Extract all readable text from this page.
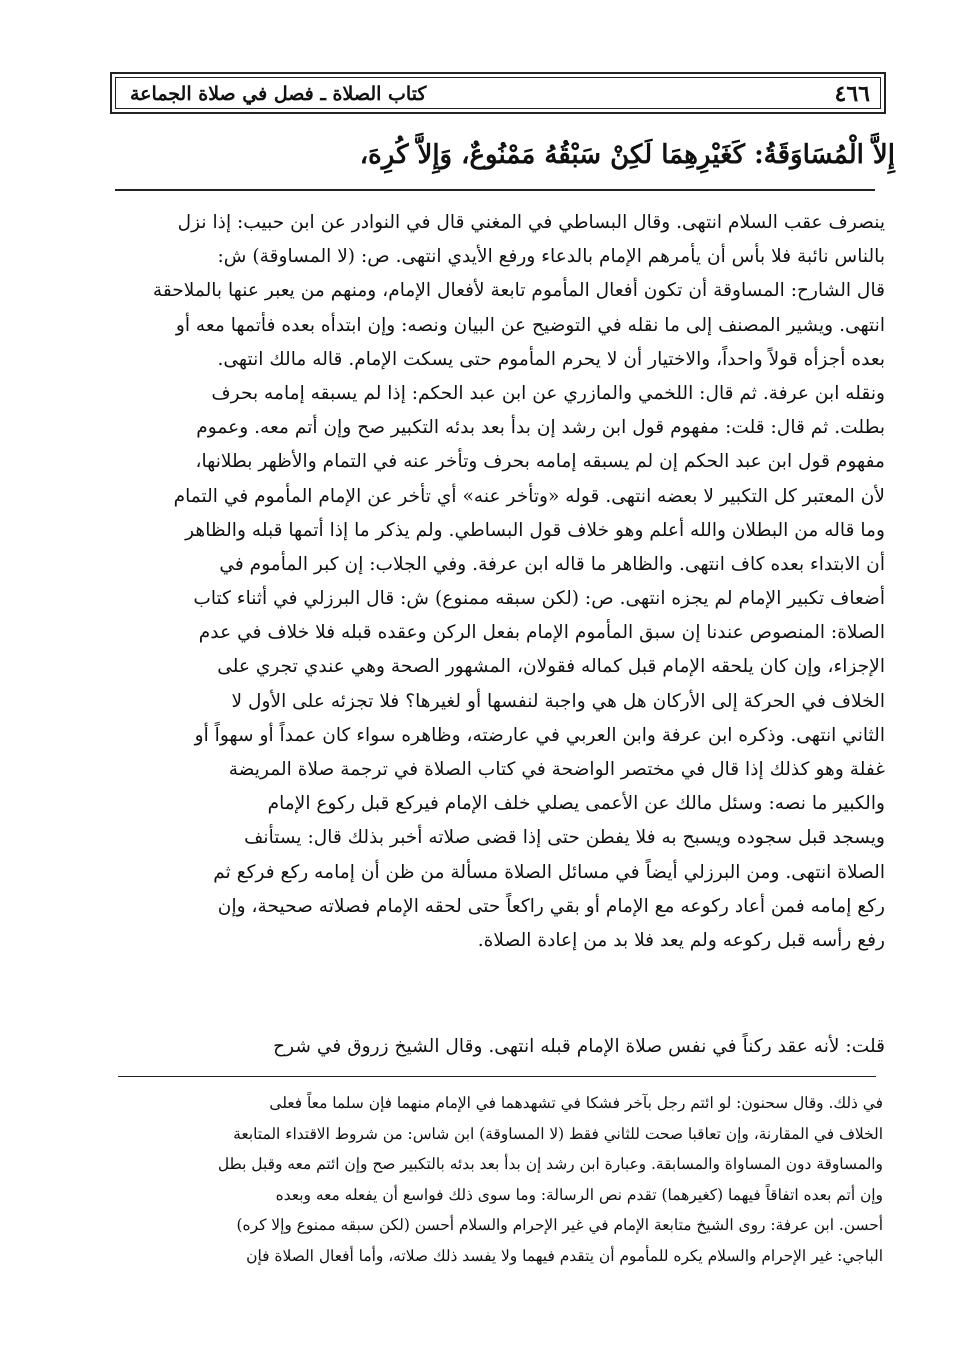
٤٦٦
كتاب الصلاة ـ فصل في صلاة الجماعة
إِلاَّ الْمُسَاوَقَةُ: كَغَيْرِهِمَا لَكِنْ سَبْقُهُ مَمْنُوعٌ، وَإِلاَّ كُرِهَ،
ينصرف عقب السلام انتهى. وقال البساطي في المغني قال في النوادر عن ابن حبيب: إذا نزل
بالناس نائبة فلا بأس أن يأمرهم الإمام بالدعاء ورفع الأيدي انتهى. ص: (لا المساوقة) ش:
قال الشارح: المساوقة أن تكون أفعال المأموم تابعة لأفعال الإمام، ومنهم من يعبر عنها بالملاحقة
انتهى. ويشير المصنف إلى ما نقله في التوضيح عن البيان ونصه: وإن ابتدأه بعده فأتمها معه أو
بعده أجزأه قولاً واحداً، والاختيار أن لا يحرم المأموم حتى يسكت الإمام. قاله مالك انتهى.
ونقله ابن عرفة. ثم قال: اللخمي والمازري عن ابن عبد الحكم: إذا لم يسبقه إمامه بحرف
بطلت. ثم قال: قلت: مفهوم قول ابن رشد إن بدأ بعد بدئه التكبير صح وإن أتم معه. وعموم
مفهوم قول ابن عبد الحكم إن لم يسبقه إمامه بحرف وتأخر عنه في التمام والأظهر بطلانها،
لأن المعتبر كل التكبير لا بعضه انتهى. قوله «وتأخر عنه» أي تأخر عن الإمام المأموم في التمام
وما قاله من البطلان والله أعلم وهو خلاف قول البساطي. ولم يذكر ما إذا أتمها قبله والظاهر
أن الابتداء بعده كاف انتهى. والظاهر ما قاله ابن عرفة. وفي الجلاب: إن كبر المأموم في
أضعاف تكبير الإمام لم يجزه انتهى. ص: (لكن سبقه ممنوع) ش: قال البرزلي في أثناء كتاب
الصلاة: المنصوص عندنا إن سبق المأموم الإمام بفعل الركن وعقده قبله فلا خلاف في عدم
الإجزاء، وإن كان يلحقه الإمام قبل كماله فقولان، المشهور الصحة وهي عندي تجري على
الخلاف في الحركة إلى الأركان هل هي واجبة لنفسها أو لغيرها؟ فلا تجزئه على الأول لا
الثاني انتهى. وذكره ابن عرفة وابن العربي في عارضته، وظاهره سواء كان عمداً أو سهواً أو
غفلة وهو كذلك إذا قال في مختصر الواضحة في كتاب الصلاة في ترجمة صلاة المريضة
والكبير ما نصه: وسئل مالك عن الأعمى يصلي خلف الإمام فيركع قبل ركوع الإمام
ويسجد قبل سجوده ويسبح به فلا يفطن حتى إذا قضى صلاته أخبر بذلك قال: يستأنف
الصلاة انتهى. ومن البرزلي أيضاً في مسائل الصلاة مسألة من ظن أن إمامه ركع فركع ثم
ركع إمامه فمن أعاد ركوعه مع الإمام أو بقي راكعاً حتى لحقه الإمام فصلاته صحيحة، وإن
رفع رأسه قبل ركوعه ولم يعد فلا بد من إعادة الصلاة.
قلت: لأنه عقد ركناً في نفس صلاة الإمام قبله انتهى. وقال الشيخ زروق في شرح
في ذلك. وقال سحنون: لو ائتم رجل بآخر فشكا في تشهدهما في الإمام منهما فإن سلما معاً فعلى
الخلاف في المقارنة، وإن تعاقبا صحت للثاني فقط (لا المساوقة) ابن شاس: من شروط الاقتداء المتابعة
والمساوقة دون المساواة والمسابقة. وعبارة ابن رشد إن بدأ بعد بدئه بالتكبير صح وإن ائتم معه وقبل بطل
وإن أتم بعده اتفاقاً فيهما (كغيرهما) تقدم نص الرسالة: وما سوى ذلك فواسع أن يفعله معه وبعده
أحسن. ابن عرفة: روى الشيخ متابعة الإمام في غير الإحرام والسلام أحسن (لكن سبقه ممنوع وإلا كره)
الباجي: غير الإحرام والسلام يكره للمأموم أن يتقدم فيهما ولا يفسد ذلك صلاته، وأما أفعال الصلاة فإن
